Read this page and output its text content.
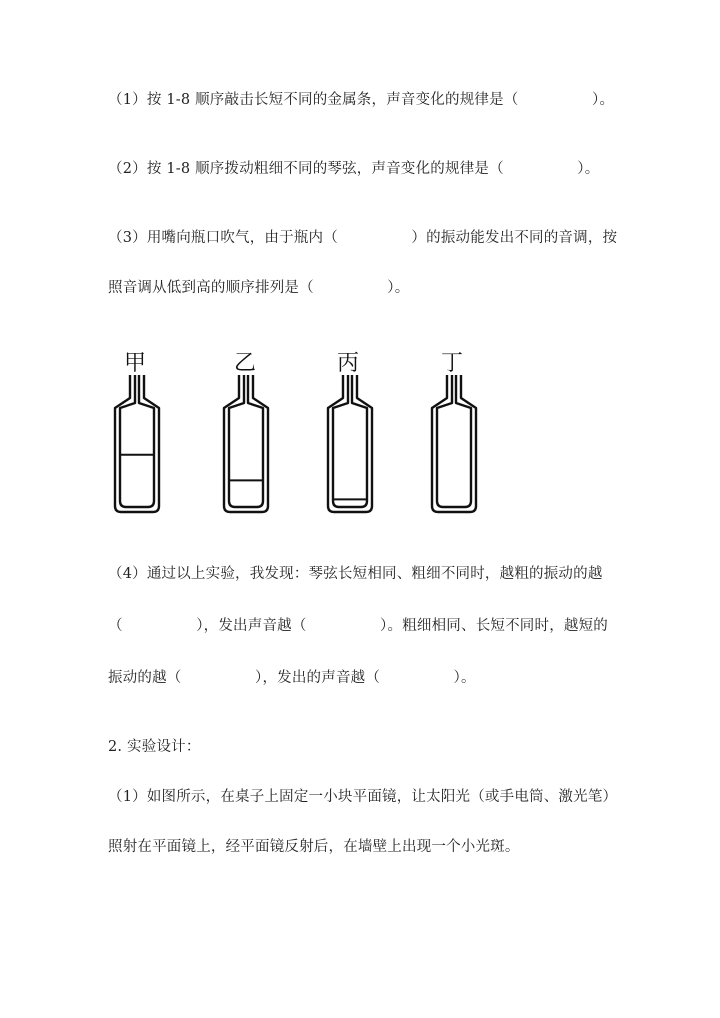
（1）按 1-8 顺序敲击长短不同的金属条，声音变化的规律是（　　　　　）。
（2）按 1-8 顺序拨动粗细不同的琴弦，声音变化的规律是（　　　　　）。
（3）用嘴向瓶口吹气，由于瓶内（　　　　　）的振动能发出不同的音调，按
照音调从低到高的顺序排列是（　　　　　）。
甲	乙	丙	丁
（4）通过以上实验，我发现：琴弦长短相同、粗细不同时，越粗的振动的越
（　　　　　），发出声音越（　　　　　）。粗细相同、长短不同时，越短的
振动的越（　　　　　），发出的声音越（　　　　　）。
2. 实验设计：
（1）如图所示，在桌子上固定一小块平面镜，让太阳光（或手电筒、激光笔）
照射在平面镜上，经平面镜反射后，在墙壁上出现一个小光斑。
